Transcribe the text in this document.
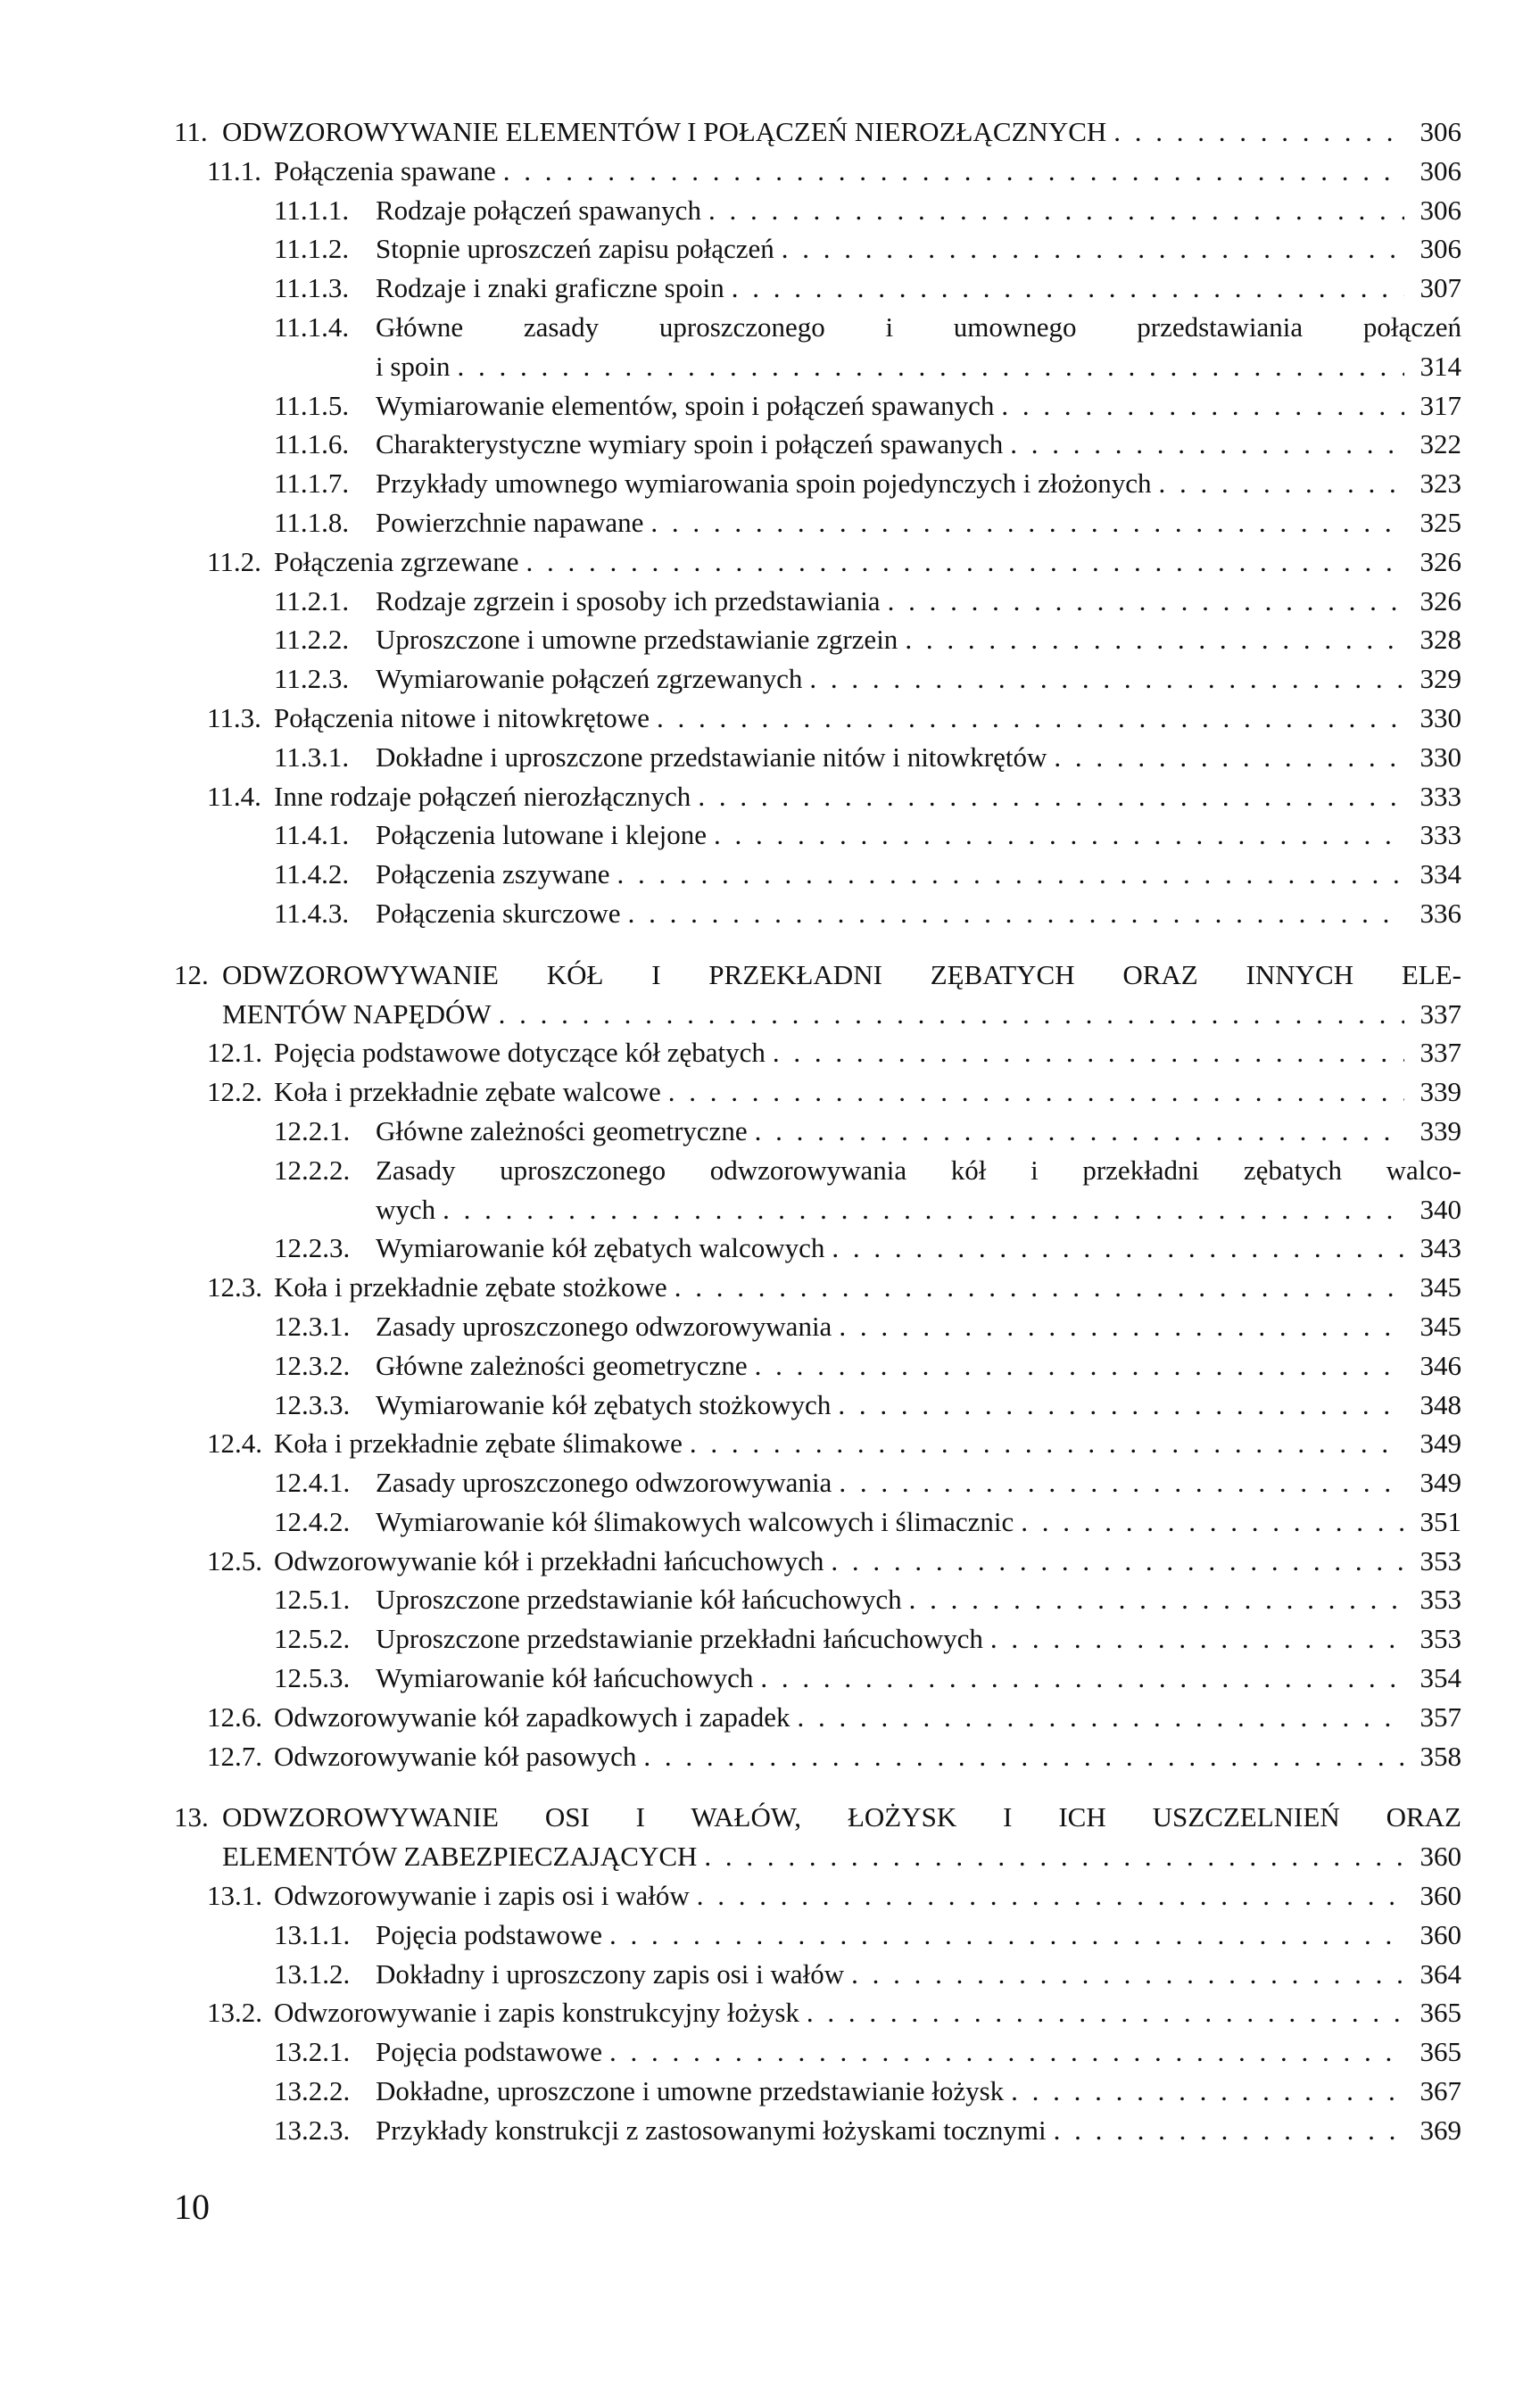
11. ODWZOROWYWANIE ELEMENTÓW I POŁĄCZEŃ NIEROZŁĄCZNYCH . . .	306
11.1. Połączenia spawane . . .	306
11.1.1. Rodzaje połączeń spawanych . . .	306
11.1.2. Stopnie uproszczeń zapisu połączeń . . .	306
11.1.3. Rodzaje i znaki graficzne spoin . . .	307
11.1.4. Główne zasady uproszczonego i umownego przedstawiania połączeń
i spoin . . .	314
11.1.5. Wymiarowanie elementów, spoin i połączeń spawanych . . .	317
11.1.6. Charakterystyczne wymiary spoin i połączeń spawanych . . .	322
11.1.7. Przykłady umownego wymiarowania spoin pojedynczych i złożonych . . .	323
11.1.8. Powierzchnie napawane . . .	325
11.2. Połączenia zgrzewane . . .	326
11.2.1. Rodzaje zgrzein i sposoby ich przedstawiania . . .	326
11.2.2. Uproszczone i umowne przedstawianie zgrzein . . .	328
11.2.3. Wymiarowanie połączeń zgrzewanych . . .	329
11.3. Połączenia nitowe i nitowkrętowe . . .	330
11.3.1. Dokładne i uproszczone przedstawianie nitów i nitowkrętów . . .	330
11.4. Inne rodzaje połączeń nierozłącznych . . .	333
11.4.1. Połączenia lutowane i klejone . . .	333
11.4.2. Połączenia zszywane . . .	334
11.4.3. Połączenia skurczowe . . .	336
12. ODWZOROWYWANIE KÓŁ I PRZEKŁADNI ZĘBATYCH ORAZ INNYCH ELE-
MENTÓW NAPĘDÓW . . .	337
12.1. Pojęcia podstawowe dotyczące kół zębatych . . .	337
12.2. Koła i przekładnie zębate walcowe . . .	339
12.2.1. Główne zależności geometryczne . . .	339
12.2.2. Zasady uproszczonego odwzorowywania kół i przekładni zębatych walco-
wych . . .	340
12.2.3. Wymiarowanie kół zębatych walcowych . . .	343
12.3. Koła i przekładnie zębate stożkowe . . .	345
12.3.1. Zasady uproszczonego odwzorowywania . . .	345
12.3.2. Główne zależności geometryczne . . .	346
12.3.3. Wymiarowanie kół zębatych stożkowych . . .	348
12.4. Koła i przekładnie zębate ślimakowe . . .	349
12.4.1. Zasady uproszczonego odwzorowywania . . .	349
12.4.2. Wymiarowanie kół ślimakowych walcowych i ślimacznic . . .	351
12.5. Odwzorowywanie kół i przekładni łańcuchowych . . .	353
12.5.1. Uproszczone przedstawianie kół łańcuchowych . . .	353
12.5.2. Uproszczone przedstawianie przekładni łańcuchowych . . .	353
12.5.3. Wymiarowanie kół łańcuchowych . . .	354
12.6. Odwzorowywanie kół zapadkowych i zapadek . . .	357
12.7. Odwzorowywanie kół pasowych . . .	358
13. ODWZOROWYWANIE OSI I WAŁÓW, ŁOŻYSK I ICH USZCZELNIEŃ ORAZ
ELEMENTÓW ZABEZPIECZAJĄCYCH . . .	360
13.1. Odwzorowywanie i zapis osi i wałów . . .	360
13.1.1. Pojęcia podstawowe . . .	360
13.1.2. Dokładny i uproszczony zapis osi i wałów . . .	364
13.2. Odwzorowywanie i zapis konstrukcyjny łożysk . . .	365
13.2.1. Pojęcia podstawowe . . .	365
13.2.2. Dokładne, uproszczone i umowne przedstawianie łożysk . . .	367
13.2.3. Przykłady konstrukcji z zastosowanymi łożyskami tocznymi . . .	369
10
